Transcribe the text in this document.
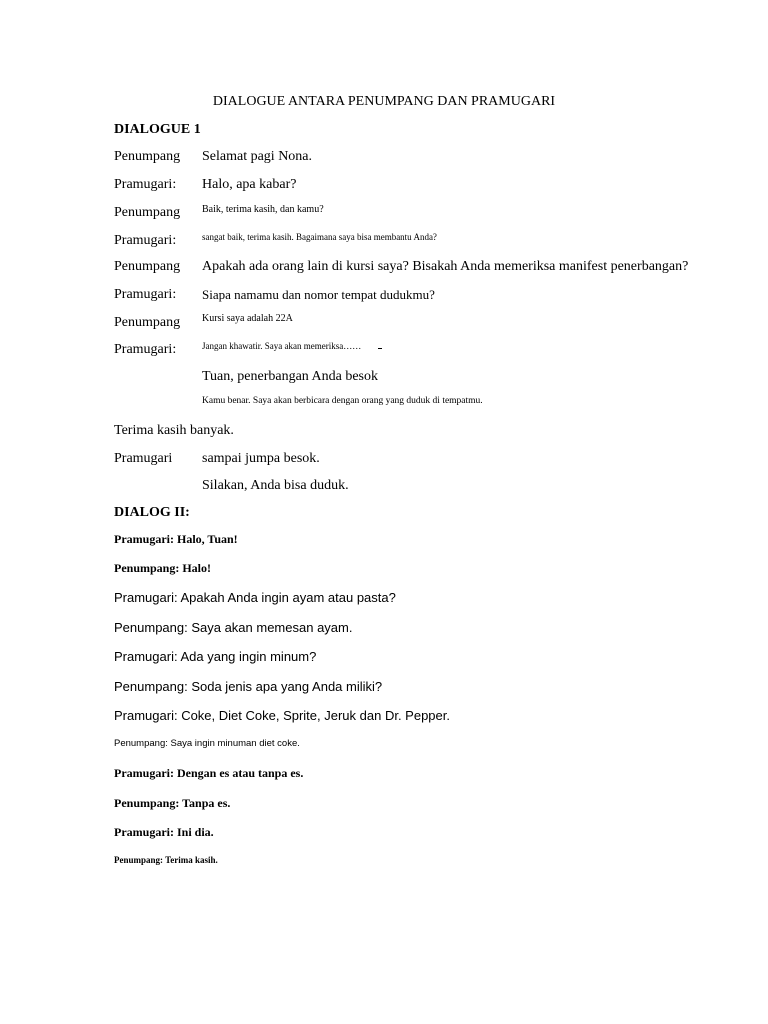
DIALOGUE ANTARA PENUMPANG DAN PRAMUGARI
DIALOGUE 1
Penumpang Selamat pagi Nona.
Pramugari: Halo, apa kabar?
Penumpang Baik, terima kasih, dan kamu?
Pramugari:	sangat baik, terima kasih. Bagaimana saya bisa membantu Anda?
Penumpang Apakah ada orang lain di kursi saya? Bisakah Anda memeriksa manifest penerbangan?
Pramugari: Siapa namamu dan nomor tempat dudukmu?
Penumpang Kursi saya adalah 22A
Pramugari:	Jangan khawatir. Saya akan memeriksa……
Tuan, penerbangan Anda besok
Kamu benar. Saya akan berbicara dengan orang yang duduk di tempatmu.
Terima kasih banyak.
Pramugari sampai jumpa besok.
Silakan, Anda bisa duduk.
DIALOG II:
Pramugari: Halo, Tuan!
Penumpang: Halo!
Pramugari: Apakah Anda ingin ayam atau pasta?
Penumpang: Saya akan memesan ayam.
Pramugari: Ada yang ingin minum?
Penumpang: Soda jenis apa yang Anda miliki?
Pramugari: Coke, Diet Coke, Sprite, Jeruk dan Dr. Pepper.
Penumpang: Saya ingin minuman diet coke.
Pramugari: Dengan es atau tanpa es.
Penumpang: Tanpa es.
Pramugari: Ini dia.
Penumpang: Terima kasih.
